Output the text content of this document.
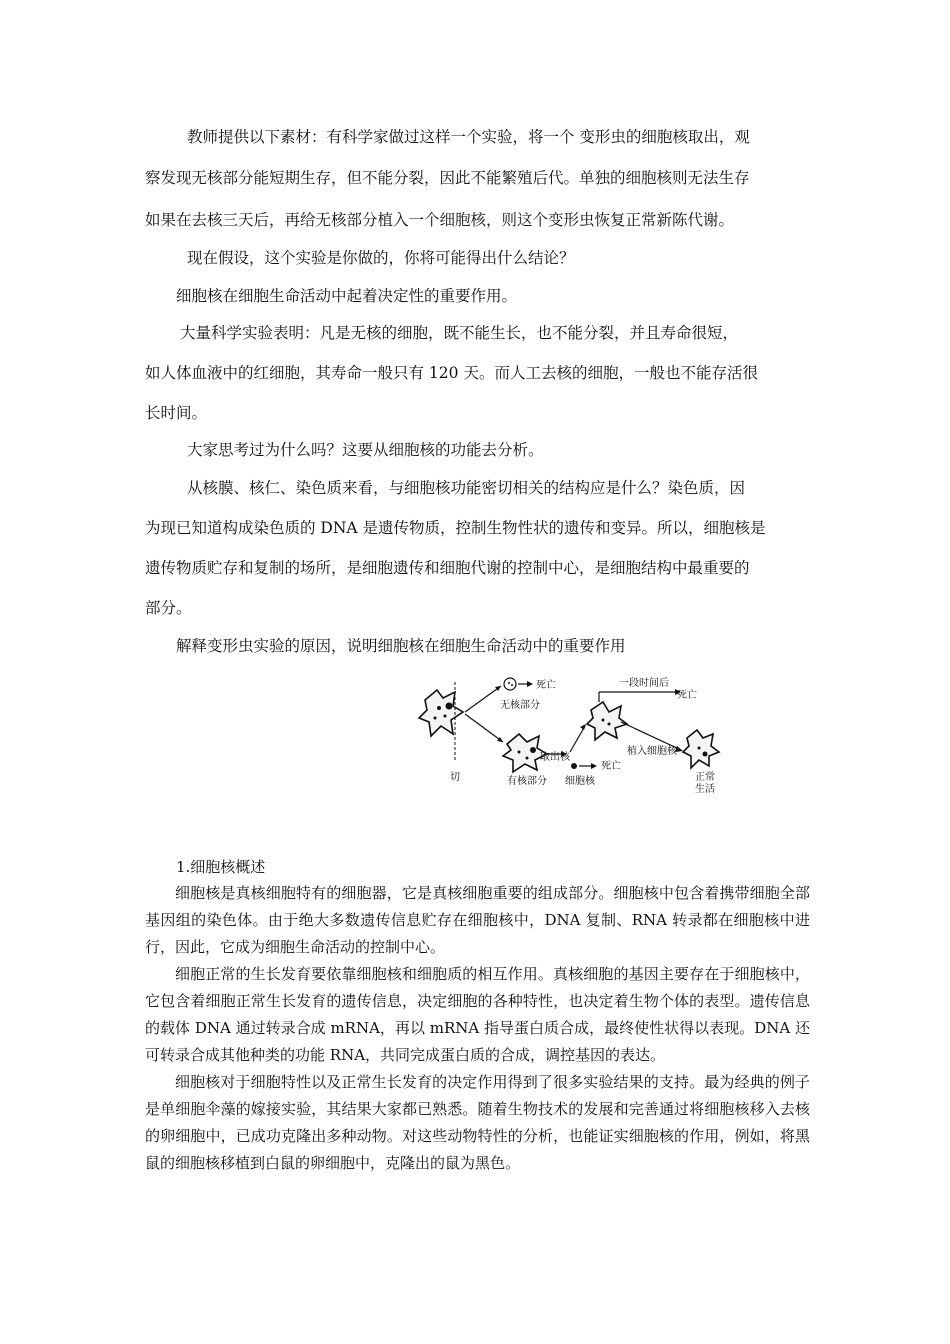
教师提供以下素材：有科学家做过这样一个实验，将一个 变形虫的细胞核取出，观
察发现无核部分能短期生存，但不能分裂，因此不能繁殖后代。单独的细胞核则无法生存
如果在去核三天后，再给无核部分植入一个细胞核，则这个变形虫恢复正常新陈代谢。
现在假设，这个实验是你做的，你将可能得出什么结论？
细胞核在细胞生命活动中起着决定性的重要作用。
大量科学实验表明：凡是无核的细胞，既不能生长，也不能分裂，并且寿命很短，
如人体血液中的红细胞，其寿命一般只有 120 天。而人工去核的细胞，一般也不能存活很
长时间。
大家思考过为什么吗？这要从细胞核的功能去分析。
从核膜、核仁、染色质来看，与细胞核功能密切相关的结构应是什么？染色质，因
为现已知道构成染色质的 DNA 是遗传物质，控制生物性状的遗传和变异。所以，细胞核是
遗传物质贮存和复制的场所，是细胞遗传和细胞代谢的控制中心，是细胞结构中最重要的
部分。
解释变形虫实验的原因，说明细胞核在细胞生命活动中的重要作用
切
死亡
无核部分
有核部分
取出核
死亡
细胞核
一段时间后
死亡
植入细胞核
正常
生活
1.细胞核概述
细胞核是真核细胞特有的细胞器，它是真核细胞重要的组成部分。细胞核中包含着携带细胞全部基因组的染色体。由于绝大多数遗传信息贮存在细胞核中，DNA 复制、RNA 转录都在细胞核中进行，因此，它成为细胞生命活动的控制中心。
细胞正常的生长发育要依靠细胞核和细胞质的相互作用。真核细胞的基因主要存在于细胞核中，它包含着细胞正常生长发育的遗传信息，决定细胞的各种特性，也决定着生物个体的表型。遗传信息的载体 DNA 通过转录合成 mRNA，再以 mRNA 指导蛋白质合成，最终使性状得以表现。DNA 还可转录合成其他种类的功能 RNA，共同完成蛋白质的合成，调控基因的表达。
细胞核对于细胞特性以及正常生长发育的决定作用得到了很多实验结果的支持。最为经典的例子是单细胞伞藻的嫁接实验，其结果大家都已熟悉。随着生物技术的发展和完善通过将细胞核移入去核的卵细胞中，已成功克隆出多种动物。对这些动物特性的分析，也能证实细胞核的作用，例如，将黑鼠的细胞核移植到白鼠的卵细胞中，克隆出的鼠为黑色。
